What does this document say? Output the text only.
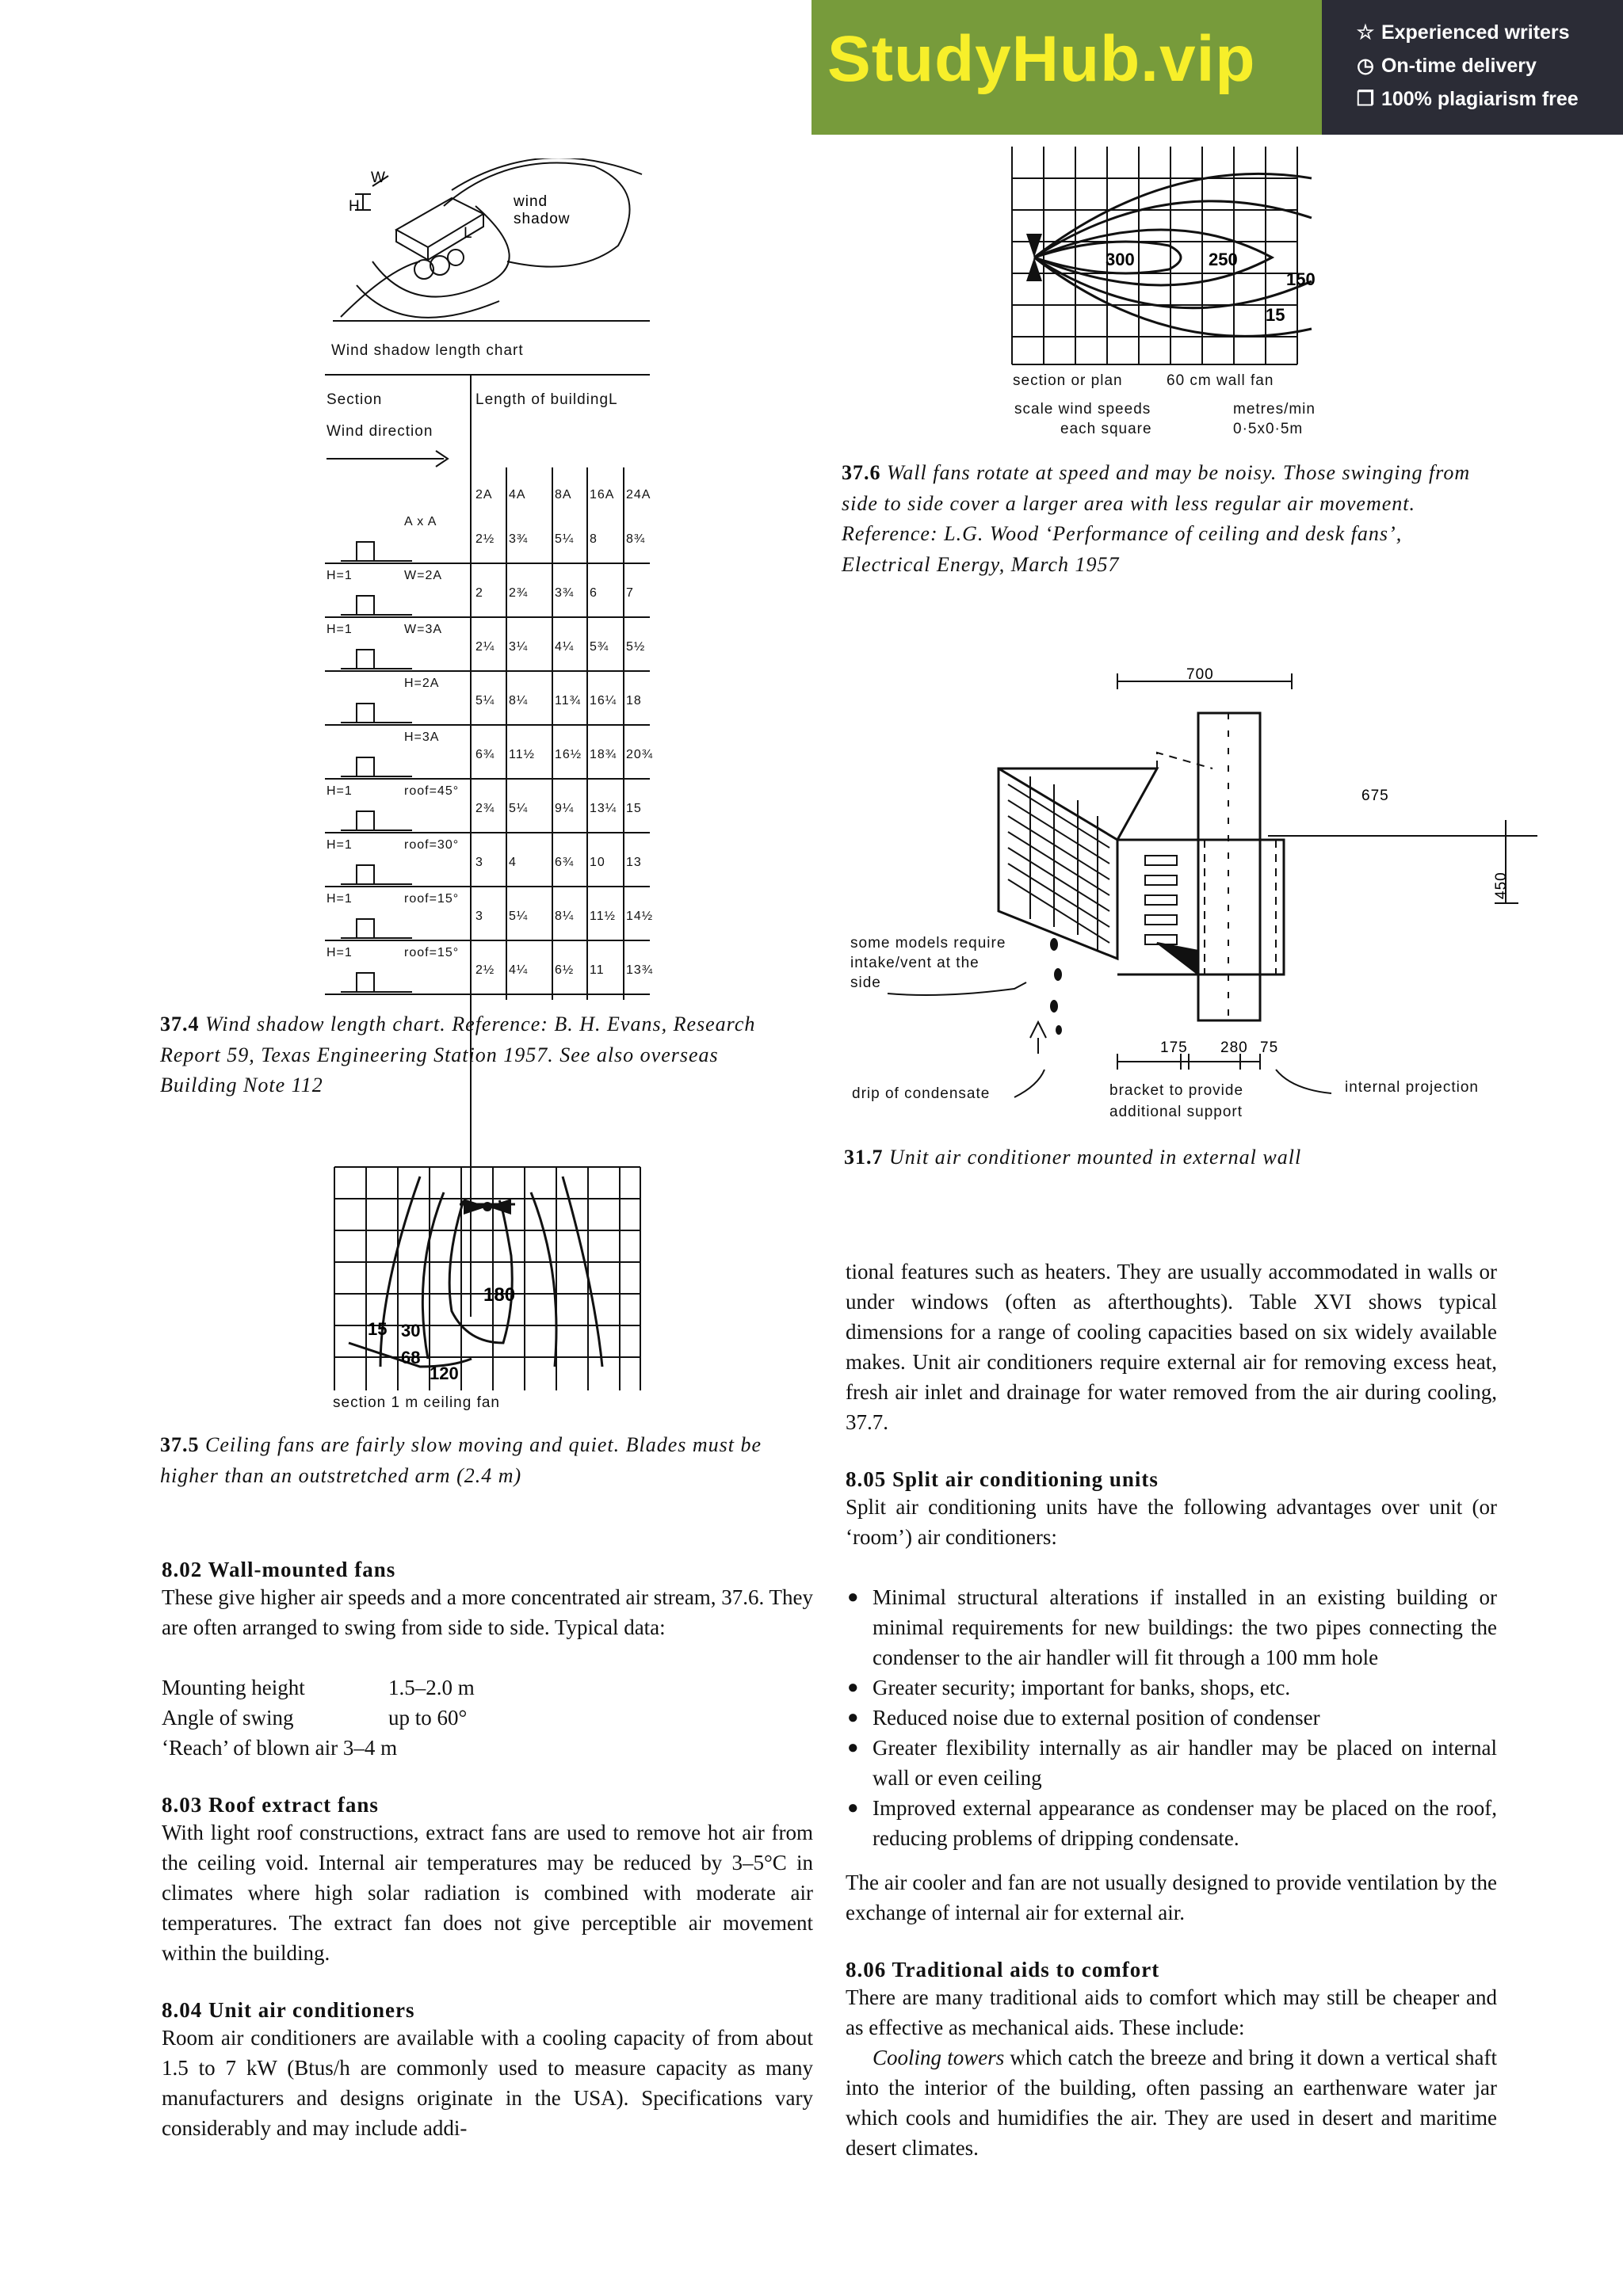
StudyHub.vip	☆ Experienced writers
◷ On-time delivery
❐ 100% plagiarism free
W
H
L
wind
shadow
Wind shadow length chart
Section	Length of buildingL
Wind direction
2A 4A 8A 16A 24A
A x A
2½ 3¾ 5¼ 8 8¾
H=1	W=2A
2 2¾ 3¾ 6 7
H=1	W=3A
2¼ 3¼ 4¼ 5¾ 5½
H=2A
5¼ 8¼ 11¾ 16¼ 18
H=3A
6¾ 11½ 16½ 18¾ 20¾
H=1	roof=45°
2¾ 5¼ 9¼ 13¼ 15
H=1	roof=30°
3 4	6¾ 10 13
H=1	roof=15°
3 5¼ 8¼ 11½ 14½
H=1	roof=15°
2½ 4¼ 6½ 11 13¾
37.4 Wind shadow length chart. Reference: B. H. Evans, Research Report 59, Texas Engineering Station 1957. See also overseas Building Note 112
180
15 30
68
120
section 1 m ceiling fan
37.5 Ceiling fans are fairly slow moving and quiet. Blades must be higher than an outstretched arm (2.4 m)
300	250
150
15
section or plan	60 cm wall fan
scale wind speeds
each square
metres/min
0·5x0·5m
37.6 Wall fans rotate at speed and may be noisy. Those swinging from side to side cover a larger area with less regular air movement. Reference: L.G. Wood ‘Performance of ceiling and desk fans’, Electrical Energy, March 1957
700
675
450
175 280 75
some models require
intake/vent at the
side
drip of condensate	bracket to provide
additional support
internal projection
31.7 Unit air conditioner mounted in external wall
8.02 Wall-mounted fans
These give higher air speeds and a more concentrated air stream, 37.6. They are often arranged to swing from side to side. Typical data:
Mounting height	1.5–2.0 m
Angle of swing	up to 60°
‘Reach’ of blown air 3–4 m
8.03 Roof extract fans
With light roof constructions, extract fans are used to remove hot air from the ceiling void. Internal air temperatures may be reduced by 3–5°C in climates where high solar radiation is combined with moderate air temperatures. The extract fan does not give perceptible air movement within the building.
8.04 Unit air conditioners
Room air conditioners are available with a cooling capacity of from about 1.5 to 7 kW (Btus/h are commonly used to measure capacity as many manufacturers and designs originate in the USA). Specifications vary considerably and may include addi-
tional features such as heaters. They are usually accommodated in walls or under windows (often as afterthoughts). Table XVI shows typical dimensions for a range of cooling capacities based on six widely available makes. Unit air conditioners require external air for removing excess heat, fresh air inlet and drainage for water removed from the air during cooling, 37.7.
8.05 Split air conditioning units
Split air conditioning units have the following advantages over unit (or ‘room’) air conditioners:
● Minimal structural alterations if installed in an existing building or minimal requirements for new buildings: the two pipes connecting the condenser to the air handler will fit through a 100 mm hole
● Greater security; important for banks, shops, etc.
● Reduced noise due to external position of condenser
● Greater flexibility internally as air handler may be placed on internal wall or even ceiling
● Improved external appearance as condenser may be placed on the roof, reducing problems of dripping condensate.
The air cooler and fan are not usually designed to provide ventilation by the exchange of internal air for external air.
8.06 Traditional aids to comfort
There are many traditional aids to comfort which may still be cheaper and as effective as mechanical aids. These include:
Cooling towers which catch the breeze and bring it down a vertical shaft into the interior of the building, often passing an earthenware water jar which cools and humidifies the air. They are used in desert and maritime desert climates.
